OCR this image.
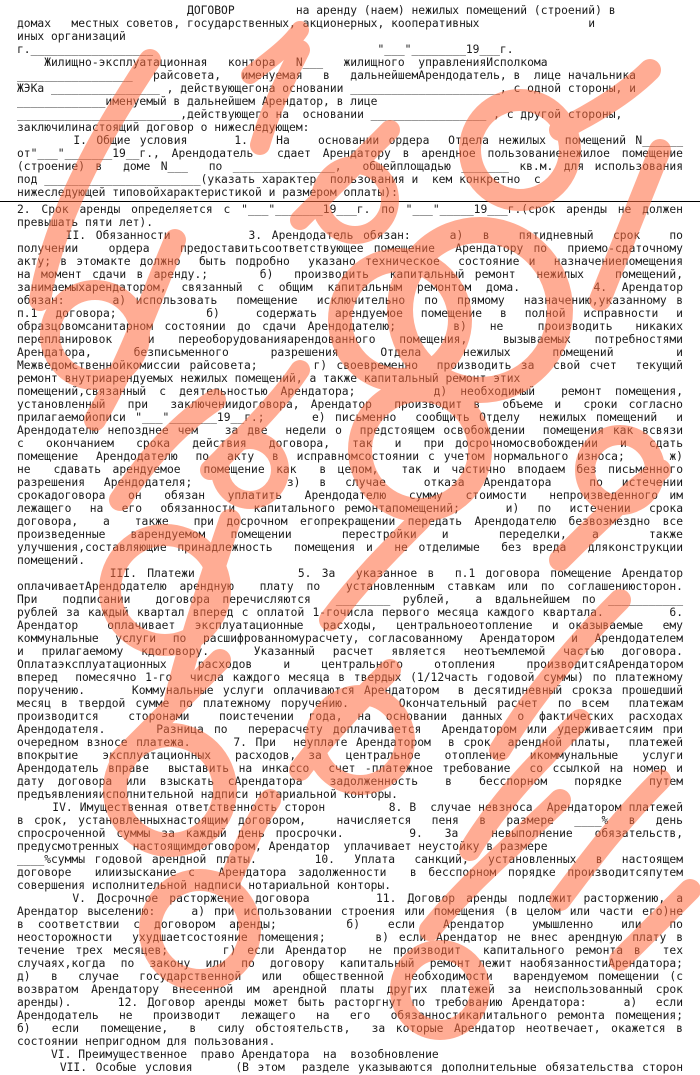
ДОГОВОР         на аренду (наем) нежилых помещений (строений) в
домах   местных советов, государственных, акционерных, кооперативных                и
иных организаций
г.__________________                                 "___"________19___г.
Жилищно-эксплуатационная   контора   N___   жилищного  управленияИсполкома
_________________   райсовета,   именуемая   в   дальнейшемАрендодатель, в  лице начальника
ЖЭКа ________________ , действующегона основании ______________________, с одной стороны, и
_____________именуемый в дальнейшем Арендатор, в лице
________________________,действующего на  основании _________________ , с другой стороны,
заключилинастоящий договор о нижеследующем:
I. Общие условия     1.   На   основании ордера  Отдела нежилых  помещений N______
от"___"_______19__г., Арендодатель  сдает Арендатору в арендное пользованиенежилое помещение
(строение) в  доме N___  по _______________,  общейплощадью _______ кв.м. для использования
под _______________________(указать характер  пользования и  кем конкретно  с
нижеследующей типовойхарактеристикой и размером оплаты):
2. Срок аренды определяется с "___"_______19___г. по "___"_____19___г.(срок аренды не должен
превышать пяти лет).
II. Обязанности        3. Арендодатель обязан:    а)  в   пятидневный  срок   по
получении   ордера   предоставитьсоответствующее помещение  Арендатору по  приемо-сдаточному
акту; в этомакте должно  быть подробно  указано техническое  состояние и  назначениепомещения
на момент сдачи в аренду.;     б)  производить  капитальный ремонт  нежилых   помещений,
занимаемыхарендатором, связанный с общим капитальным ремонтом дома.     4. Арендатор
обязан:     а) использовать  помещение  исключительно  по  прямому  назначению,указанному в
п.1 договора;     б)  содержать арендуемое помещение в полной исправности и
образцовомсанитарном состоянии до сдачи Арендодателю;     в)  не   производить  никаких
перепланировок   и  переоборудованияарендованного  помещения,   вызываемых  потребностями
Арендатора,  безписьменного  разрешения  Отдела  нежилых  помещений   и
Межведомственнойкомиссии райсовета;      г) своевременно  производить за  свой счет  текущий
ремонт внутриарендуемых нежилых помещений, а также капитальный ремонт этих
помещений,связанный с деятельностью Арендатора;      д) необходимый  ремонт помещения,
установленный  при  заключениидоговора, Арендатор  производит в  объеме и  сроки согласно
прилагаемойописи "___"_______19__г.;     е) письменно  сообщить Отделу  нежилых помещений  и
Арендодателю непозднее чем   за две  недели о  предстоящем освобождении  помещения как всвязи
с  окончанием  срока  действия  договора,  так  и  при досрочномосвобождении  и  сдать
помещение  Арендодателю  по  акту  в  исправномсостоянии с учетом нормального износа;     ж)
не  сдавать арендуемое  помещение как  в целом,  так и частично вподаем без письменного
разрешения Арендодателя;     з) в случае  отказа Арендатора  по истечении
срокадоговора  он  обязан  уплатить  Арендодателю  сумму  стоимости  непроизведенного им
лежащего  на  его  обязанности  капитального ремонтапомещений;     и)  по  истечении  срока
договора,  а  также  при досрочном егопрекращении передать Арендодателю безвозмездно все
произведенные варендуемом помещении  перестройки и  переделки, а  также
улучшения,составляющие принадлежность  помещения и  не отделимые  без вреда  дляконструкции
помещений.
III. Платежи          5. За  указанное в  п.1 договора помещение Арендатор
оплачиваетАрендодателю арендную  плату по  установленным ставкам или по соглашениюсторон.
При  подписании  договора перечисляются  ________ рублей,  а вдальнейшем по ___________
рублей за каждый квартал вперед с оплатой 1-гочисла первого месяца каждого квартала.        6.
Арендатор   оплачивает  эксплуатационные  расходы,  центральноеотопление  и оказываемые  ему
коммунальные  услуги  по  расшифрованномурасчету, согласованному  Арендатором  и  Арендодателем
и  прилагаемому  кдоговору.     Указанный  расчет  является  неотъемлемой  частью  договора.
Оплатаэксплуатационных   расходов   и   центрального   отопления   производитсяАрендатором
вперед  помесячно 1-го  числа каждого месяца в твердых (1/12часть годовой суммы) по платежному
поручению.     Коммунальные услуги оплачиваются Арендатором  в десятидневный срокза прошедший
месяц в твердой сумме по платежному поручению.     Окончательный расчет  по всем  платежам
производится  сторонами  поистечении года, на основании данных о фактических расходах
Арендодателя.     Разница по  перерасчету доплачивается  Арендатором или удерживаетсяим при
очередном взносе платежа.     7. При  неуплате Арендатором  в срок  арендной платы,  платежей
впокрытие  эксплуатационных  расходов, за  центральное  отопление  икоммунальные  услуги
Арендодатель вправе  выставить на инкассо  счет -платежное требование  со ссылкой на номер и
дату договора или взыскать сАрендатора  задолженность  в  бесспорном  порядке  путем
предъявленияисполнительной надписи нотариальной конторы.
IV. Имущественная ответственность сторон         8. В  случае невзноса  Арендатором платежей
в срок, установленныхнастоящим договором,   начисляется  пеня  в  размере  ____%  в  день
спросроченной суммы за каждый день просрочки.      9.  За   невыполнение  обязательств,
предусмотренных  настоящимдоговором, Арендатор  уплачивает неустойку в размере
____%суммы годовой арендной платы.      10.  Уплата  санкций,  установленных  в  настоящем
договоре  илиизыскание с  Арендатора задолженности  в бесспорном порядке производитсяпутем
совершения исполнительной надписи нотариальной конторы.
V. Досрочное расторжение договора      11. Договор аренды подлежит расторжению, а
Арендатор выселению:    а) при использовании строения или помещения (в целом или части его)не
в соответствии с договором аренды;     б)  если  Арендатор  умышленно  или  по
неосторожности  ухудшаетсостояние помещения;     в) если Арендатор не внес арендную плату в
течение трех месяцев;     г) если Арендатор  не производит  капитального ремонта в  тех
случаях,когда  по  закону  или  по  договору  капитальный  ремонт лежит наобязанностиАрендатора;
д)  в  случае  государственной  или  общественной  необходимости  варендуемом помещении (с
возвратом Арендатору внесенной им арендной платы других платежей за неиспользованный срок
аренды).     12. Договор аренды может быть расторгнут по требованию Арендатора:    а)  если
Арендодатель  не  производит  лежащего  на  его  обязанностикапитального ремонта помещения;
б)  если  помещение,  в  силу обстоятельств,  за которые Арендатор неотвечает, окажется в
состоянии непригодном для пользования.
VI. Преимущественное  право Арендатора  на  возобновление
VII. Особые условия     (В этом  разделе указываются дополнительные обязательства сторон
